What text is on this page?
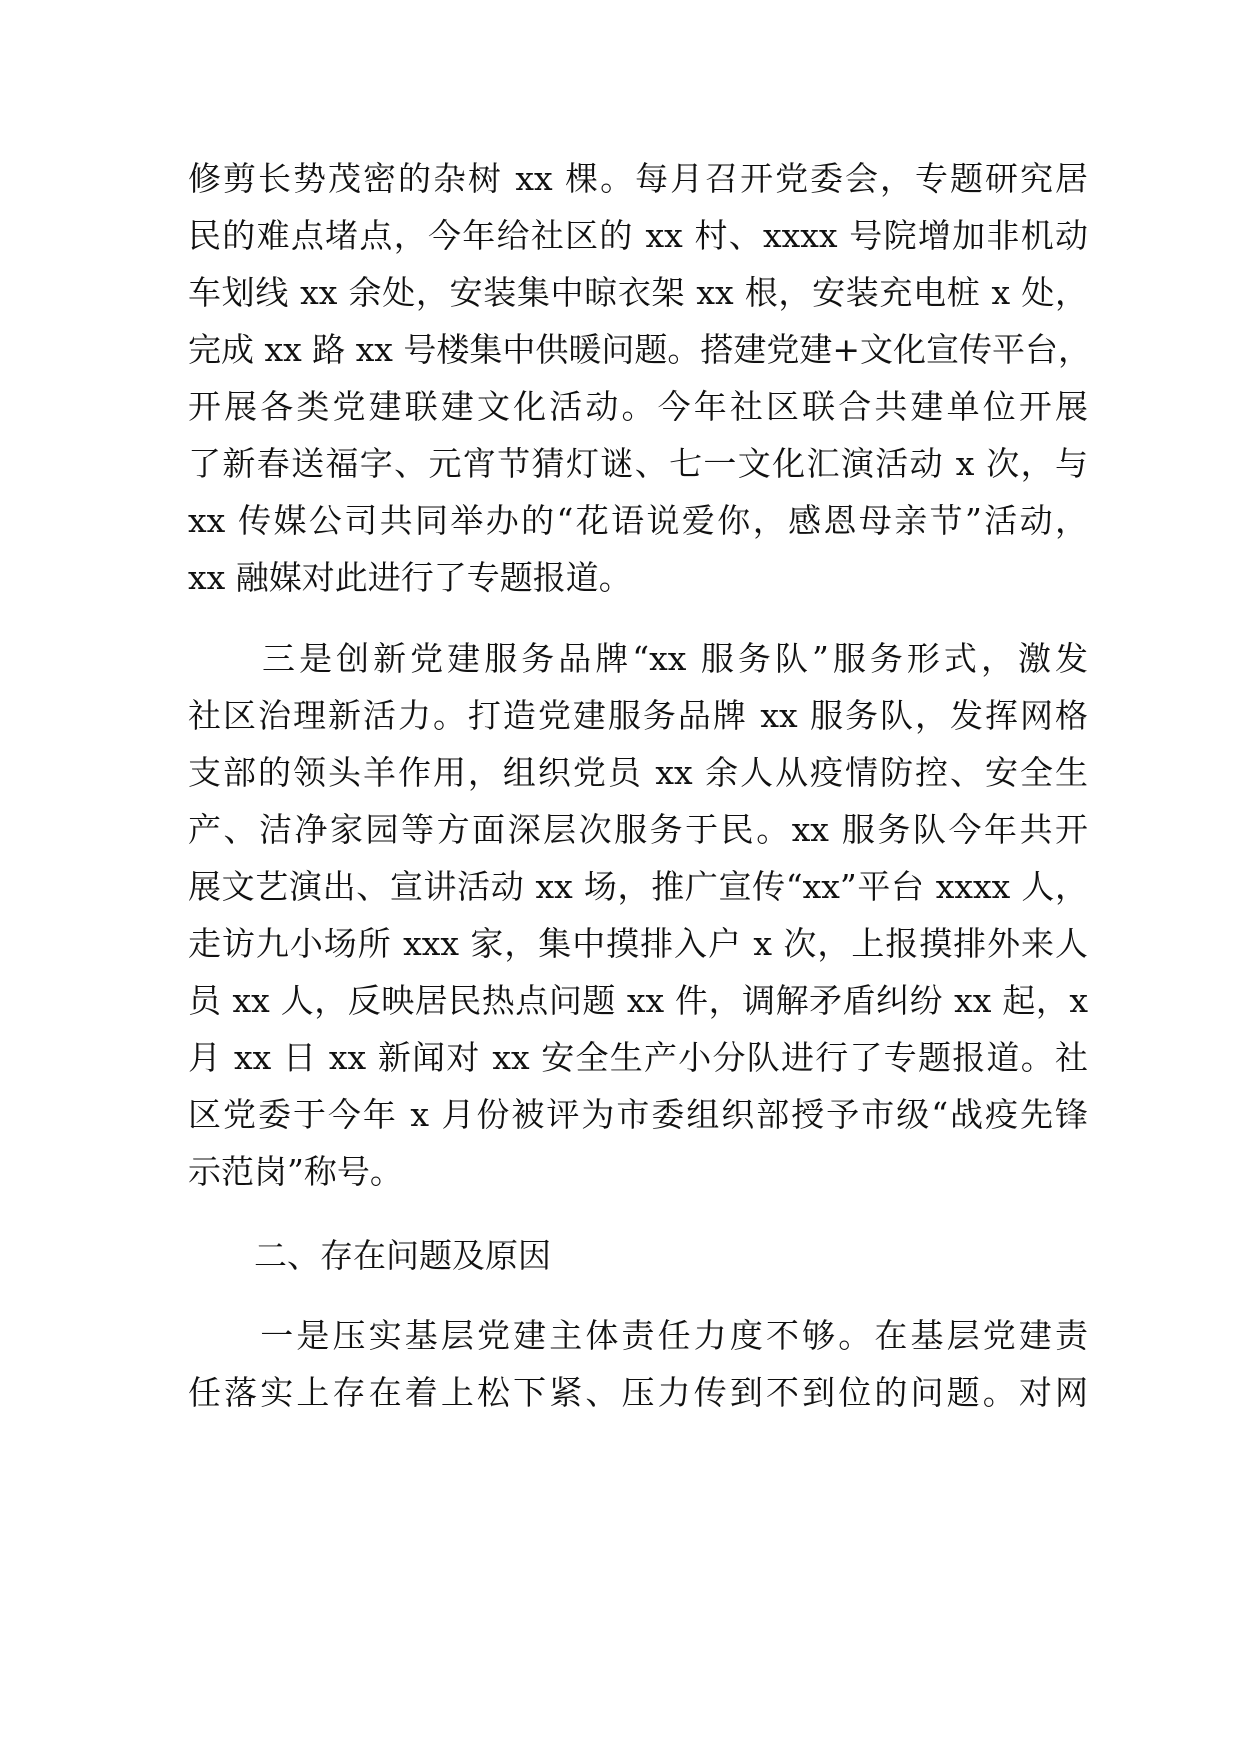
修剪长势茂密的杂树 xx 棵。每月召开党委会，专题研究居
民的难点堵点，今年给社区的 xx 村、xxxx 号院增加非机动
车划线 xx 余处，安装集中晾衣架 xx 根，安装充电桩 x 处，
完成 xx 路 xx 号楼集中供暖问题。搭建党建+文化宣传平台，
开展各类党建联建文化活动。今年社区联合共建单位开展
了新春送福字、元宵节猜灯谜、七一文化汇演活动 x 次，与
xx 传媒公司共同举办的“花语说爱你，感恩母亲节”活动，
xx 融媒对此进行了专题报道。
　　三是创新党建服务品牌“xx 服务队”服务形式，激发
社区治理新活力。打造党建服务品牌 xx 服务队，发挥网格
支部的领头羊作用，组织党员 xx 余人从疫情防控、安全生
产、洁净家园等方面深层次服务于民。xx 服务队今年共开
展文艺演出、宣讲活动 xx 场，推广宣传“xx”平台 xxxx 人，
走访九小场所 xxx 家，集中摸排入户 x 次，上报摸排外来人
员 xx 人，反映居民热点问题 xx 件，调解矛盾纠纷 xx 起，x
月 xx 日 xx 新闻对 xx 安全生产小分队进行了专题报道。社
区党委于今年 x 月份被评为市委组织部授予市级“战疫先锋
示范岗”称号。
二、存在问题及原因
　　一是压实基层党建主体责任力度不够。在基层党建责
任落实上存在着上松下紧、压力传到不到位的问题。对网
